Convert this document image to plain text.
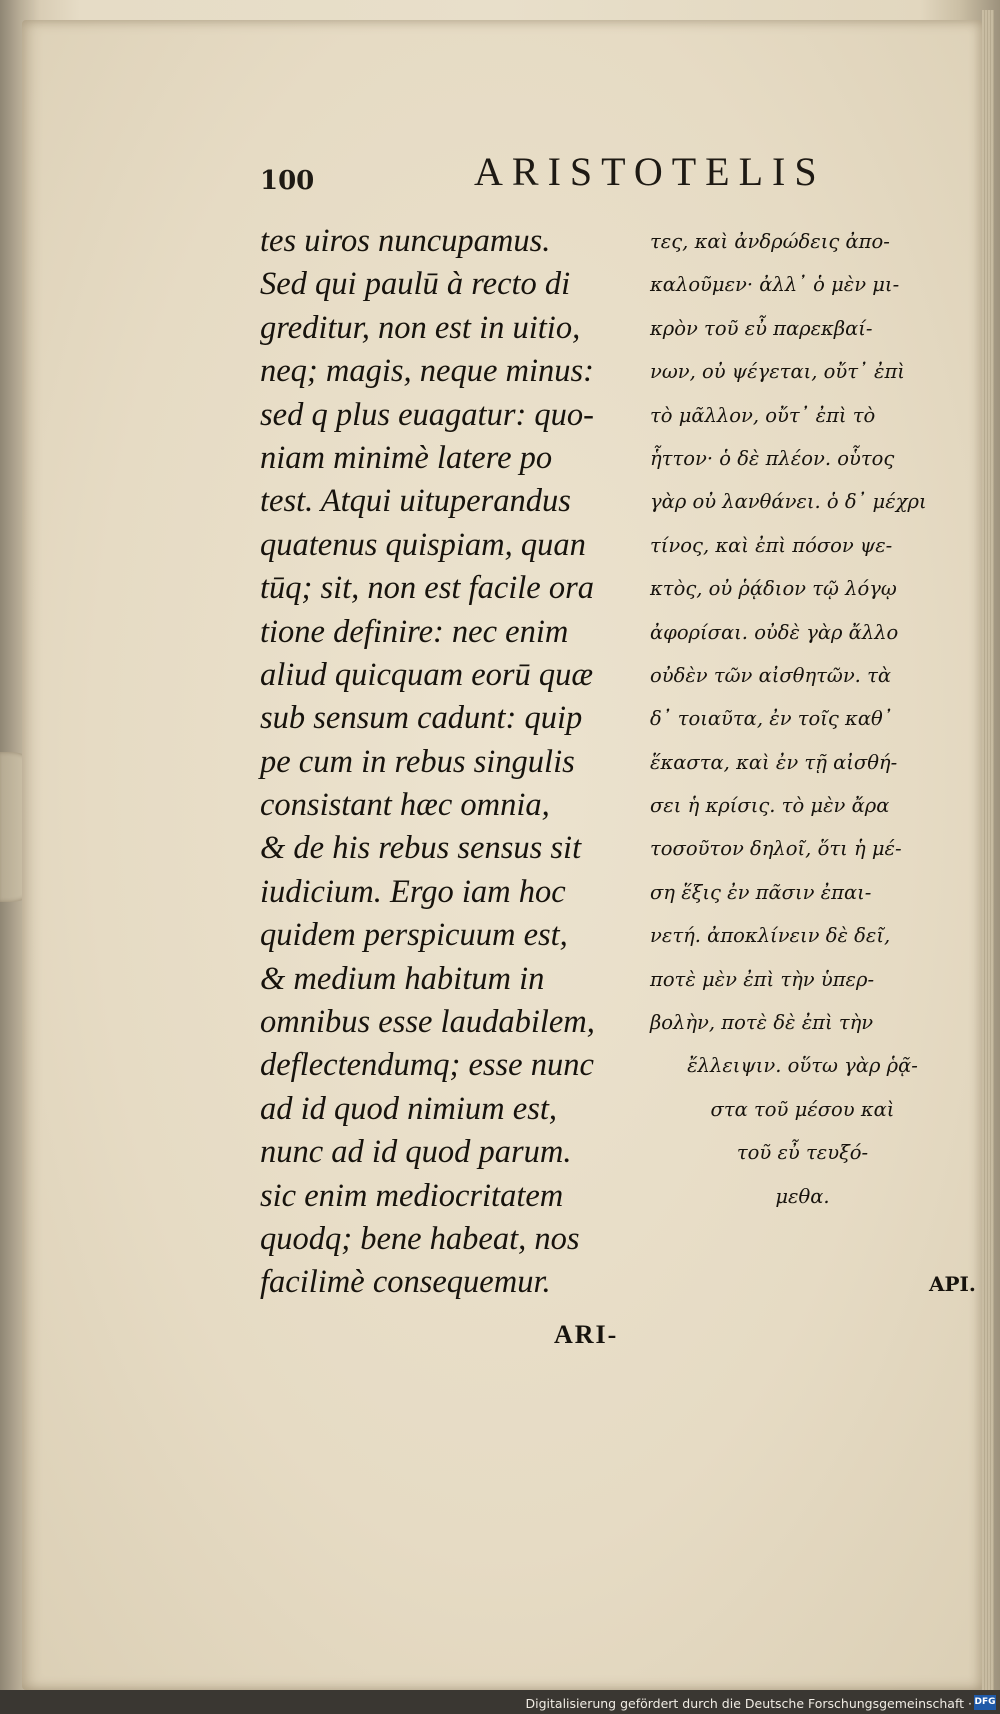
100	ARISTOTELIS
tes uiros nuncupamus.
Sed qui paulū à recto di
greditur, non est in uitio,
neq; magis, neque minus:
sed q plus euagatur: quo-
niam minimè latere po
test. Atqui uituperandus
quatenus quispiam, quan
tūq; sit, non est facile ora
tione definire: nec enim
aliud quicquam eorū quæ
sub sensum cadunt: quip
pe cum in rebus singulis
consistant hæc omnia,
& de his rebus sensus sit
iudicium. Ergo iam hoc
quidem perspicuum est,
& medium habitum in
omnibus esse laudabilem,
deflectendumq; esse nunc
ad id quod nimium est,
nunc ad id quod parum.
sic enim mediocritatem
quodq; bene habeat, nos
facilimè consequemur.
τες, καὶ ἀνδρώδεις ἀπο-
καλοῦμεν· ἀλλ᾽ ὁ μὲν μι-
κρὸν τοῦ εὖ παρεκβαί-
νων, οὐ ψέγεται, οὔτ᾽ ἐπὶ
τὸ μᾶλλον, οὔτ᾽ ἐπὶ τὸ
ἧττον· ὁ δὲ πλέον. οὗτος
γὰρ οὐ λανθάνει. ὁ δ᾽ μέχρι
τίνος, καὶ ἐπὶ πόσον ψε-
κτὸς, οὐ ῥᾴδιον τῷ λόγῳ
ἀφορίσαι. οὐδὲ γὰρ ἄλλο
οὐδὲν τῶν αἰσθητῶν. τὰ
δ᾽ τοιαῦτα, ἐν τοῖς καθ᾽
ἕκαστα, καὶ ἐν τῇ αἰσθή-
σει ἡ κρίσις. τὸ μὲν ἄρα
τοσοῦτον δηλοῖ, ὅτι ἡ μέ-
ση ἕξις ἐν πᾶσιν ἐπαι-
νετή. ἀποκλίνειν δὲ δεῖ,
ποτὲ μὲν ἐπὶ τὴν ὑπερ-
βολὴν, ποτὲ δὲ ἐπὶ τὴν
ἔλλειψιν. οὕτω γὰρ ῥᾷ-
στα τοῦ μέσου καὶ
τοῦ εὖ τευξό-
μεθα.
API.
ARI-
Digitalisierung gefördert durch die Deutsche Forschungsgemeinschaft · DFG
